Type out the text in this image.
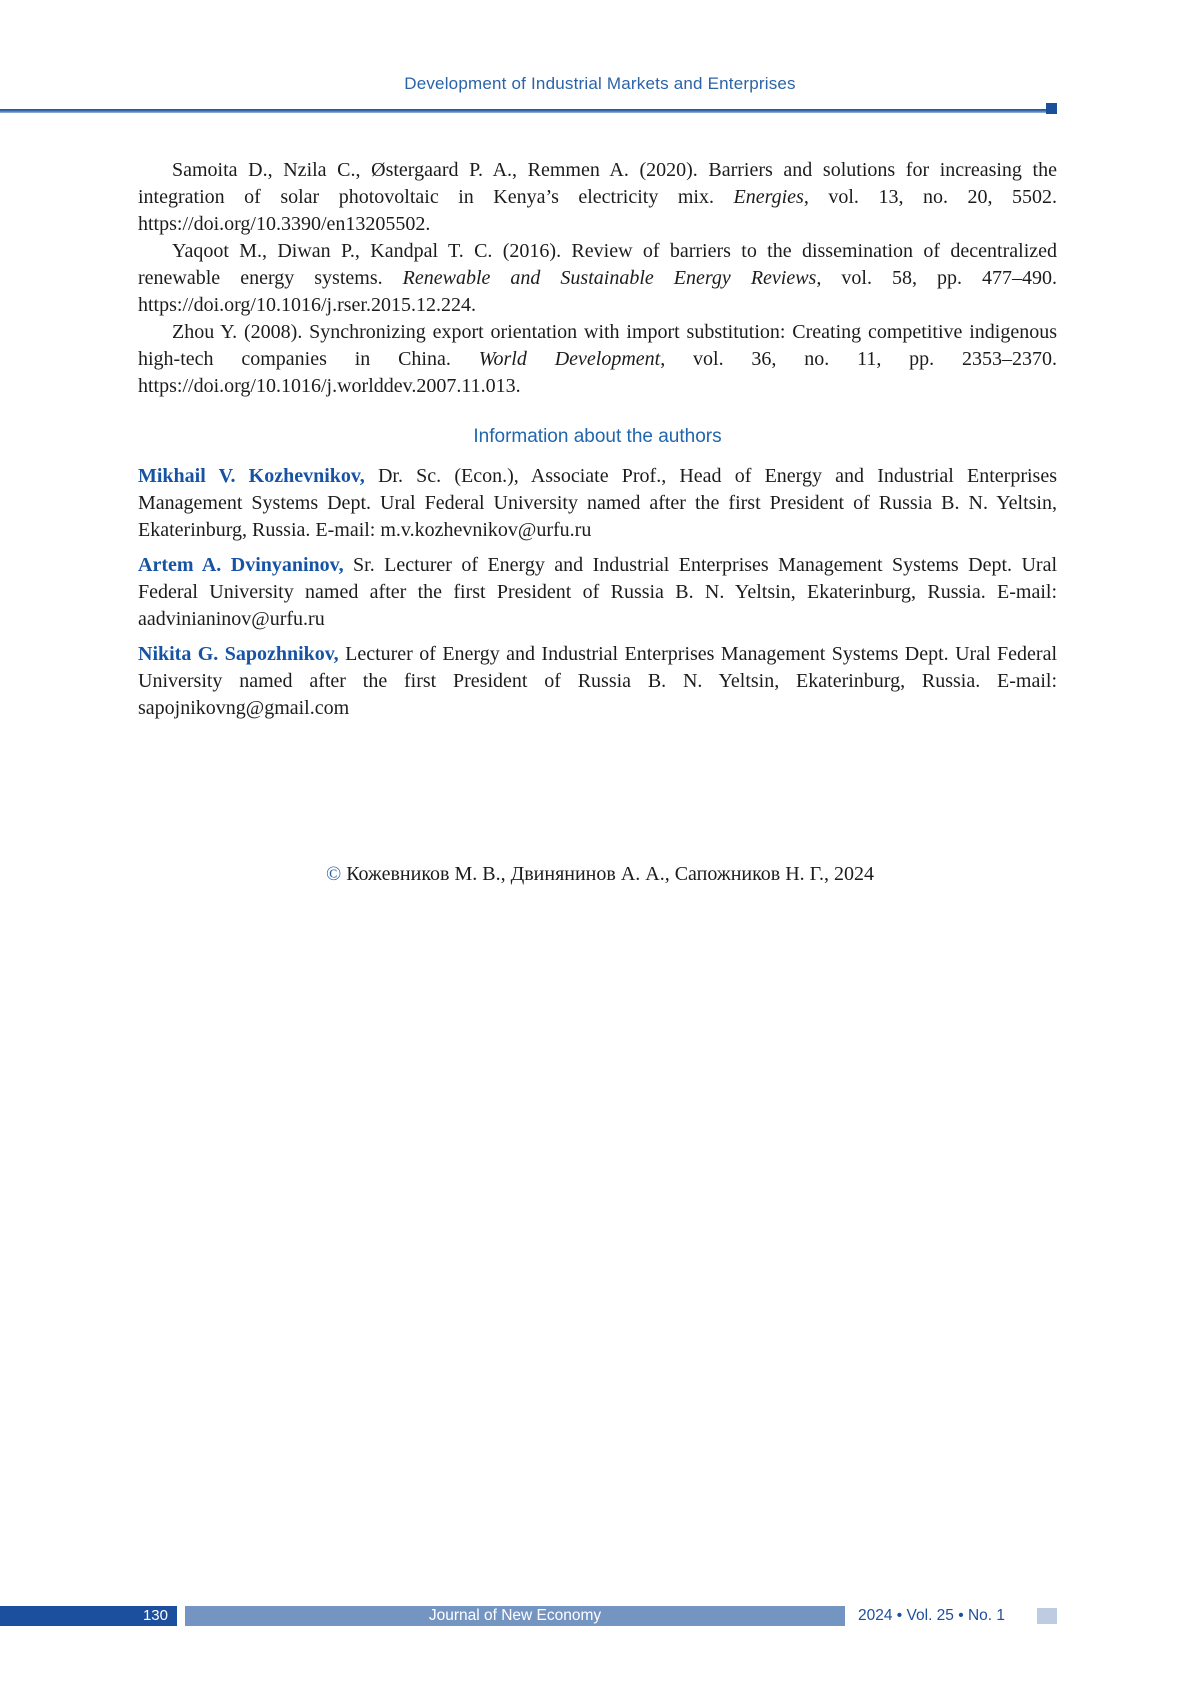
Development of Industrial Markets and Enterprises

Samoita D., Nzila C., Østergaard P. A., Remmen A. (2020). Barriers and solutions for increasing the integration of solar photovoltaic in Kenya’s electricity mix. Energies, vol. 13, no. 20, 5502. https://doi.org/10.3390/en13205502.

Yaqoot M., Diwan P., Kandpal T. C. (2016). Review of barriers to the dissemination of decentralized renewable energy systems. Renewable and Sustainable Energy Reviews, vol. 58, pp. 477–490. https://doi.org/10.1016/j.rser.2015.12.224.

Zhou Y. (2008). Synchronizing export orientation with import substitution: Creating competitive indigenous high-tech companies in China. World Development, vol. 36, no. 11, pp. 2353–2370. https://doi.org/10.1016/j.worlddev.2007.11.013.

Information about the authors

Mikhail V. Kozhevnikov, Dr. Sc. (Econ.), Associate Prof., Head of Energy and Industrial Enterprises Management Systems Dept. Ural Federal University named after the first President of Russia B. N. Yeltsin, Ekaterinburg, Russia. E-mail: m.v.kozhevnikov@urfu.ru

Artem A. Dvinyaninov, Sr. Lecturer of Energy and Industrial Enterprises Management Systems Dept. Ural Federal University named after the first President of Russia B. N. Yeltsin, Ekaterinburg, Russia. E-mail: aadvinianinov@urfu.ru

Nikita G. Sapozhnikov, Lecturer of Energy and Industrial Enterprises Management Systems Dept. Ural Federal University named after the first President of Russia B. N. Yeltsin, Ekaterinburg, Russia. E-mail: sapojnikovng@gmail.com

© Кожевников М. В., Двинянинов А. А., Сапожников Н. Г., 2024

130	Journal of New Economy	2024 • Vol. 25 • No. 1
